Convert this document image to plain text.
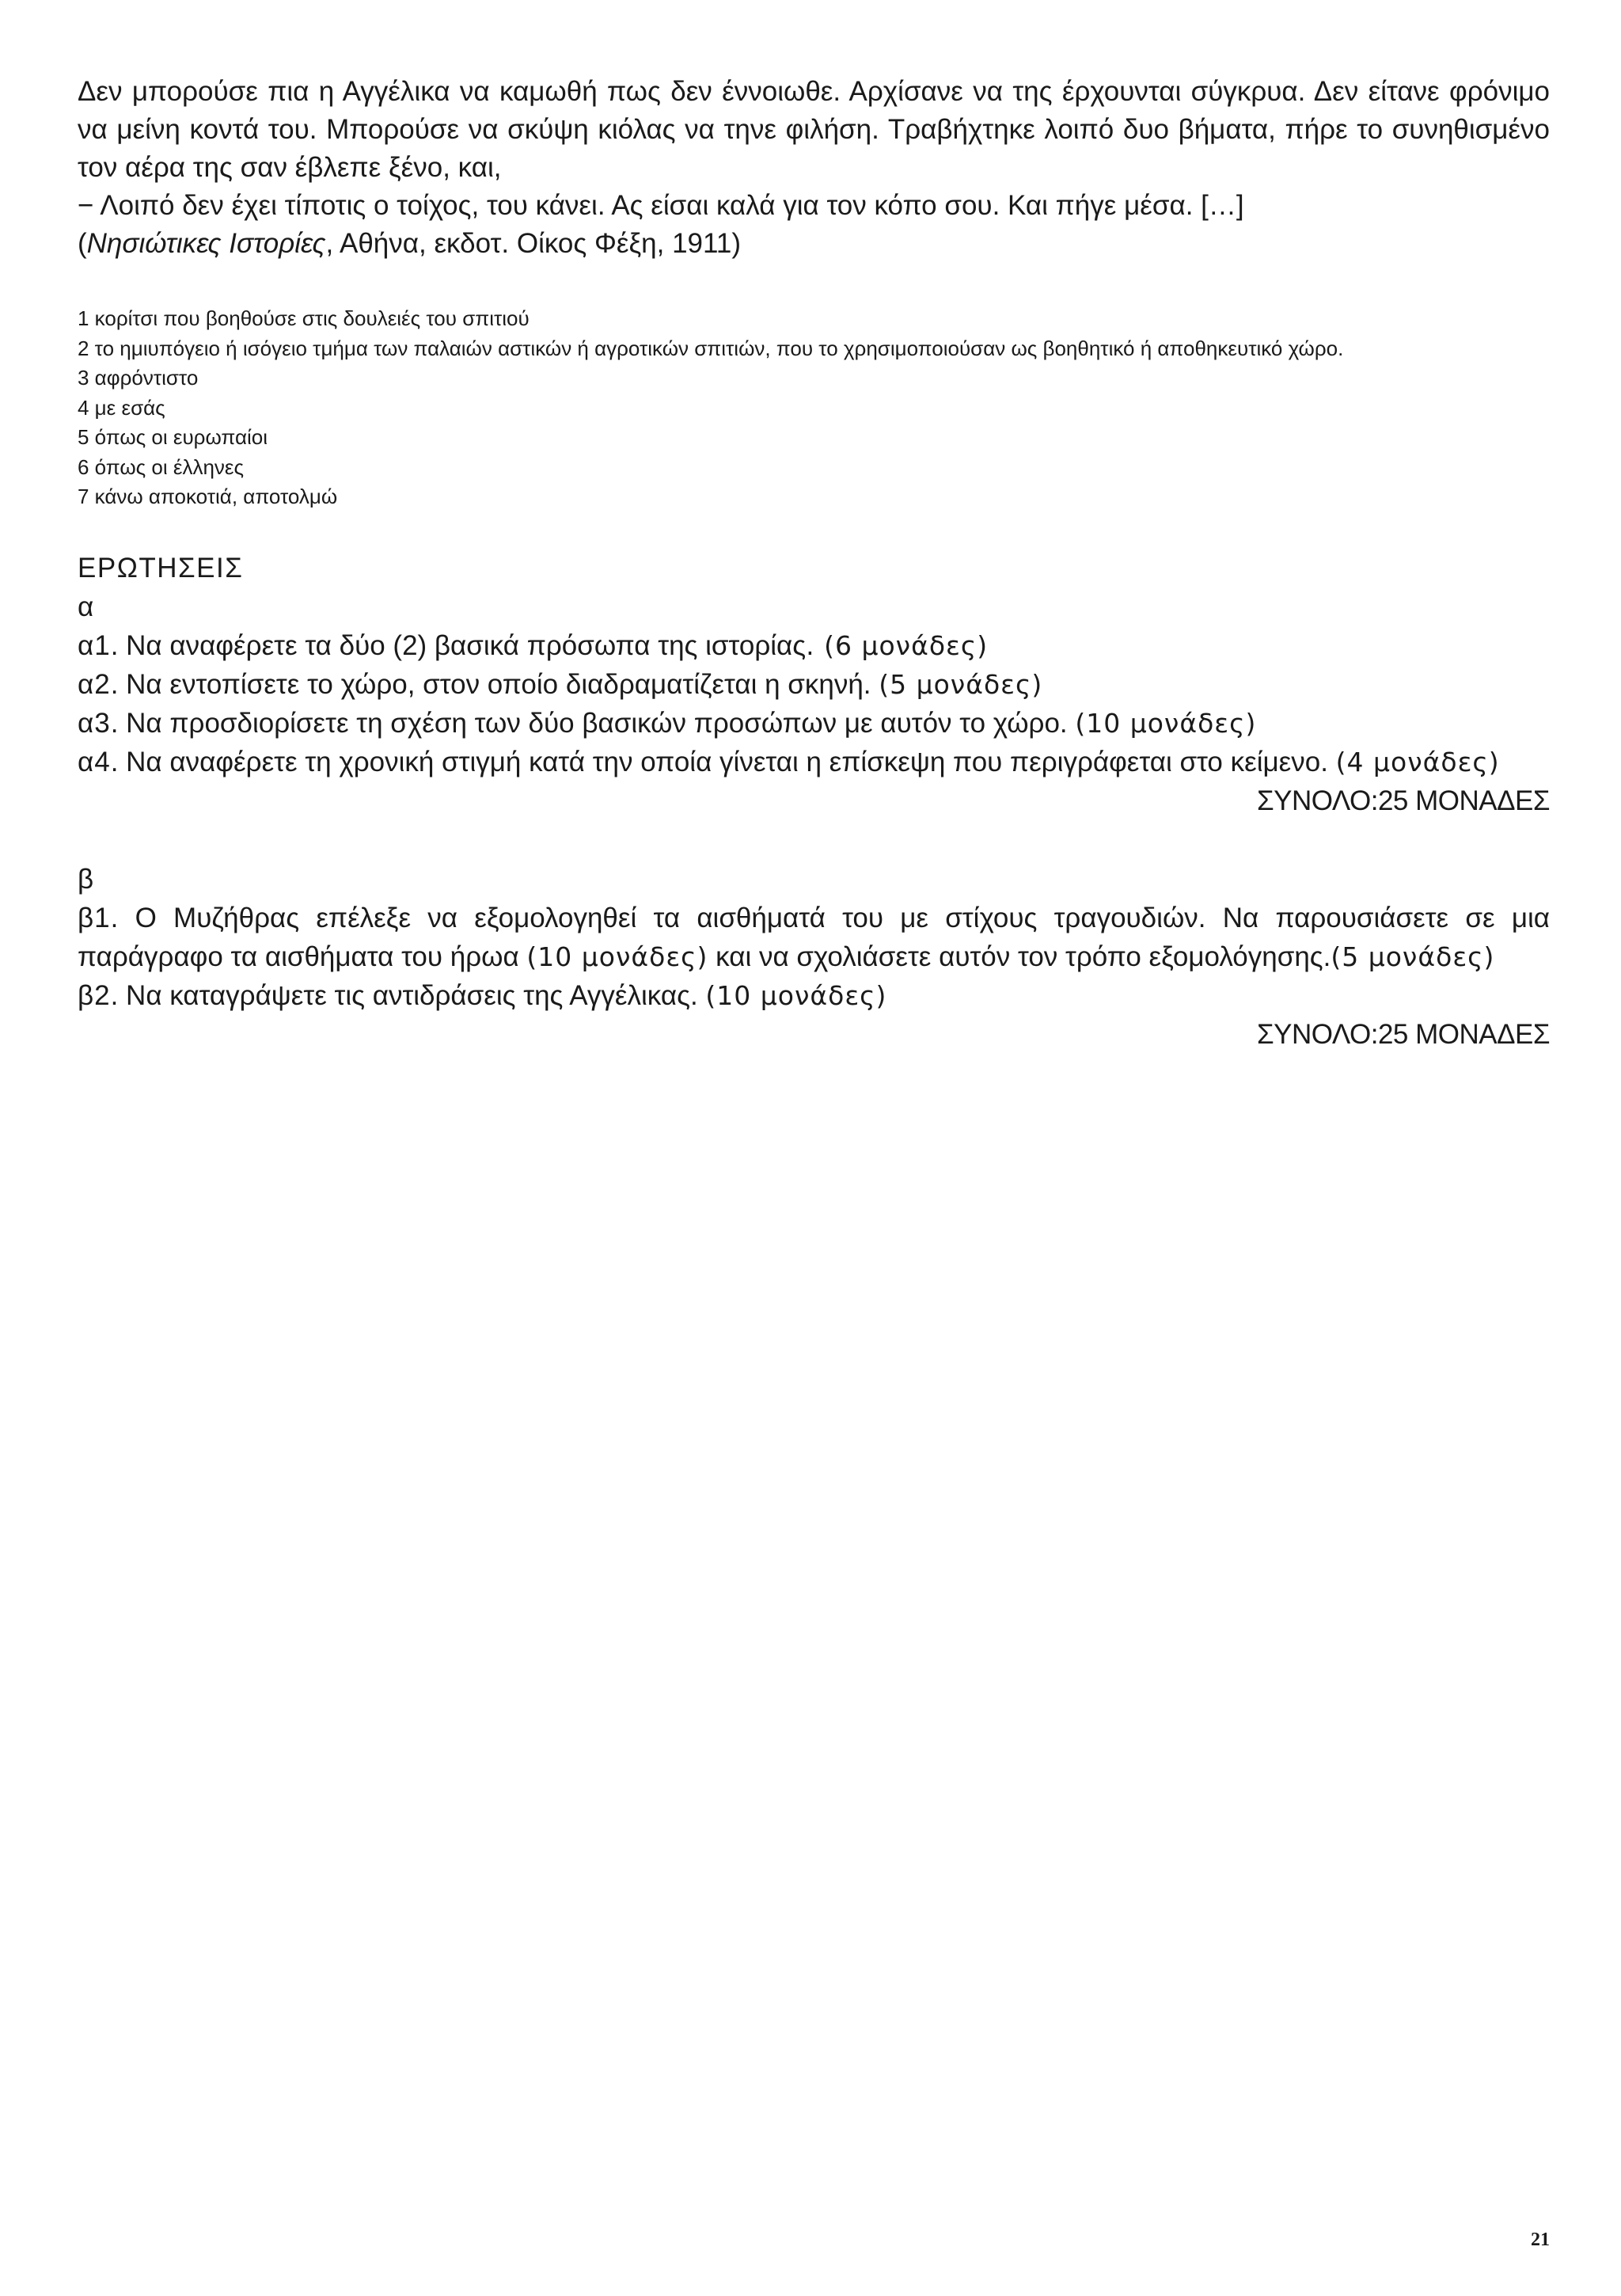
Δεν μπορούσε πια η Αγγέλικα να καμωθή πως δεν έννοιωθε. Αρχίσανε να της έρχουνται σύγκρυα. Δεν είτανε φρόνιμο να μείνη κοντά του. Μπορούσε να σκύψη κιόλας να τηνε φιλήση. Τραβήχτηκε λοιπό δυο βήματα, πήρε το συνηθισμένο τον αέρα της σαν έβλεπε ξένο, και,

− Λοιπό δεν έχει τίποτις ο τοίχος, του κάνει. Ας είσαι καλά για τον κόπο σου. Και πήγε μέσα. […]

(Νησιώτικες Ιστορίες, Αθήνα, εκδοτ. Οίκος Φέξη, 1911)
1 κορίτσι που βοηθούσε στις δουλειές του σπιτιού
2 το ημιυπόγειο ή ισόγειο τμήμα των παλαιών αστικών ή αγροτικών σπιτιών, που το χρησιμοποιούσαν ως βοηθητικό ή αποθηκευτικό χώρο.
3 αφρόντιστο
4 με εσάς
5 όπως οι ευρωπαίοι
6 όπως οι έλληνες
7 κάνω αποκοτιά, αποτολμώ
ΕΡΩΤΗΣΕΙΣ
α

α1. Να αναφέρετε τα δύο (2) βασικά πρόσωπα της ιστορίας. (6 μονάδες)

α2. Να εντοπίσετε το χώρο, στον οποίο διαδραματίζεται η σκηνή. (5 μονάδες)

α3. Να προσδιορίσετε τη σχέση των δύο βασικών προσώπων με αυτόν το χώρο. (10 μονάδες)

α4. Να αναφέρετε τη χρονική στιγμή κατά την οποία γίνεται η επίσκεψη που περιγράφεται στο κείμενο. (4 μονάδες)

ΣΥΝΟΛΟ:25 ΜΟΝΑΔΕΣ
β

β1. Ο Μυζήθρας επέλεξε να εξομολογηθεί τα αισθήματά του με στίχους τραγουδιών. Να παρουσιάσετε σε μια παράγραφο τα αισθήματα του ήρωα (10 μονάδες) και να σχολιάσετε αυτόν τον τρόπο εξομολόγησης.(5 μονάδες)

β2. Να καταγράψετε τις αντιδράσεις της Αγγέλικας. (10 μονάδες)

ΣΥΝΟΛΟ:25 ΜΟΝΑΔΕΣ
21
